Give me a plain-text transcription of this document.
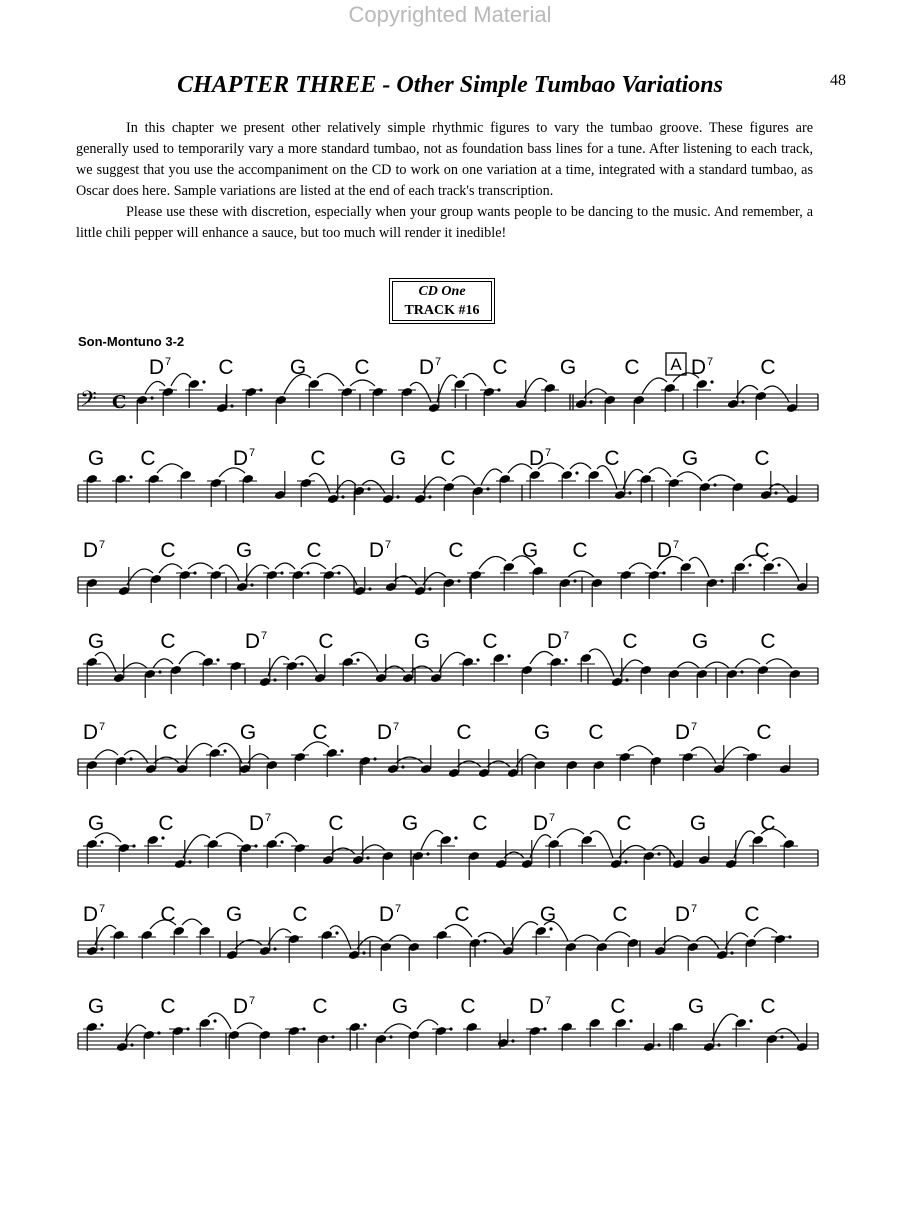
Copyrighted Material
48
CHAPTER THREE - Other Simple Tumbao Variations

In this chapter we present other relatively simple rhythmic figures to vary the tumbao groove. These figures are generally used to temporarily vary a more standard tumbao, not as foundation bass lines for a tune. After listening to each track, we suggest that you use the accompaniment on the CD to work on one variation at a time, integrated with a standard tumbao, as Oscar does here. Sample variations are listed at the end of each track's transcription.

Please use these with discretion, especially when your group wants people to be dancing to the music. And remember, a little chili pepper will enhance a sauce, but too much will render it inedible!

CD One
TRACK #16
Son-Montuno 3-2
𝄢 C
$D^7$ C	G C $D^7$ C G C $D^7$ C
A
G C	$D^7$	C	G C	$D^7$	C	G	C
$D^7$	C	G	C $D^7$	C	G C	$D^7$	C
G	C	$D^7$ C	G C $D^7$	C	G C
$D^7$	C	G	C $D^7$	C	G C	$D^7$	C
G	C	$D^7$	C	G	C $D^7$	C	G	C
$D^7$	C G C	$D^7$	C	G	C $D^7$ C
G	C	$D^7$	C	G C	$D^7$	C	G	C
